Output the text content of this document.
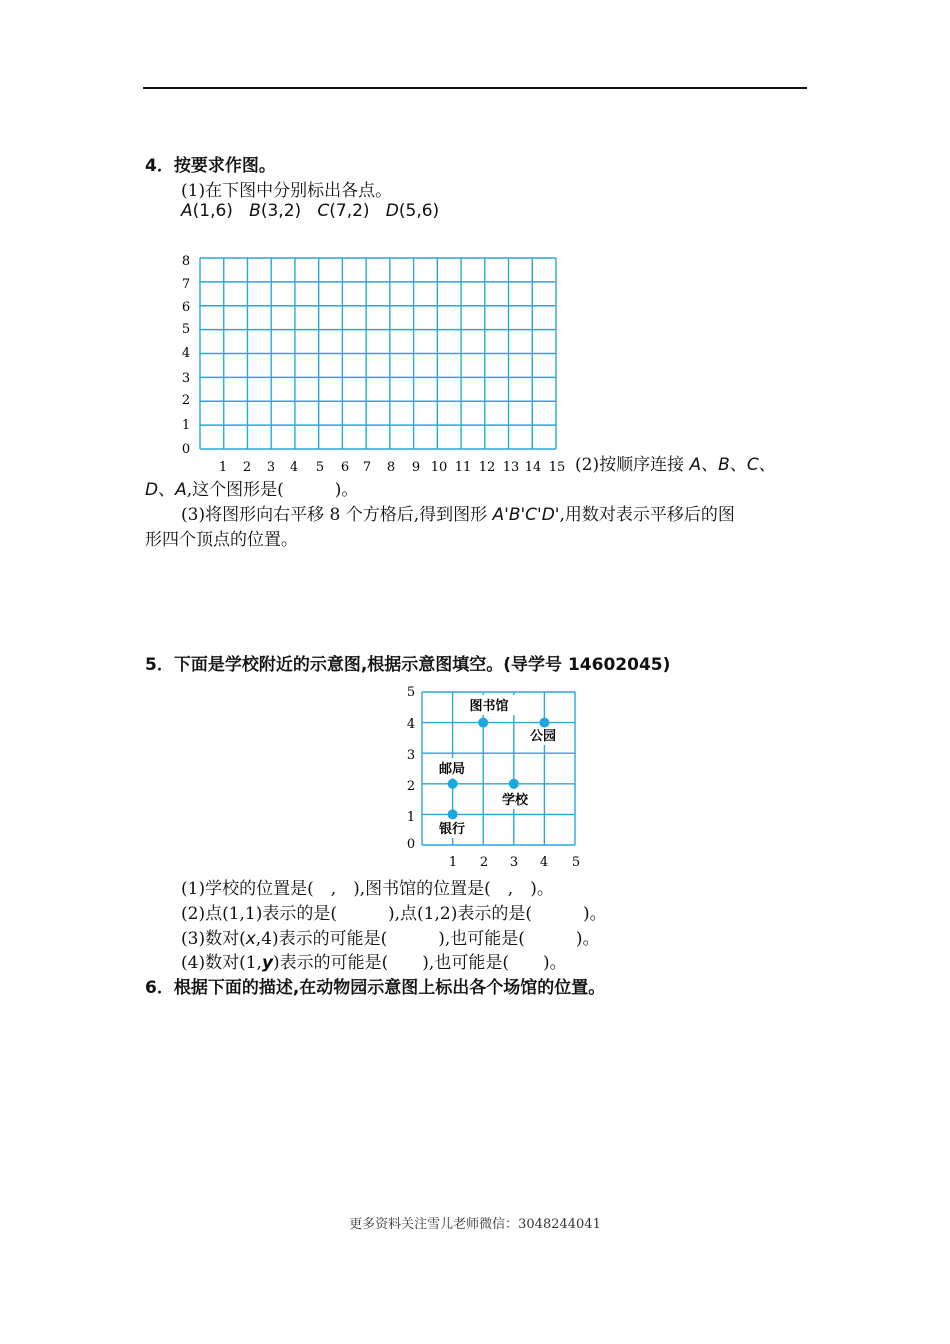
4．按要求作图。
(1)在下图中分别标出各点。
A(1,6) B(3,2) C(7,2) D(5,6)
0
1
2
3
4
5
6
7
8
1 2 3 4 5 6 7 8 9 10 11 12 13 14 15 (2)按顺序连接 A、B、C、
D、A,这个图形是(　　　)。
(3)将图形向右平移 8 个方格后,得到图形 A'B'C'D',用数对表示平移后的图
形四个顶点的位置。
5．下面是学校附近的示意图,根据示意图填空。(导学号 14602045)
0
1
2
3
4
5
1 2 3 4 5
图书馆
公园
邮局
学校
银行
(1)学校的位置是(　,　),图书馆的位置是(　,　)。
(2)点(1,1)表示的是(　　　),点(1,2)表示的是(　　　)。
(3)数对(x,4)表示的可能是(　　　),也可能是(　　　)。
(4)数对(1,y)表示的可能是(　　),也可能是(　　)。
6．根据下面的描述,在动物园示意图上标出各个场馆的位置。
更多资料关注雪儿老师微信：3048244041
